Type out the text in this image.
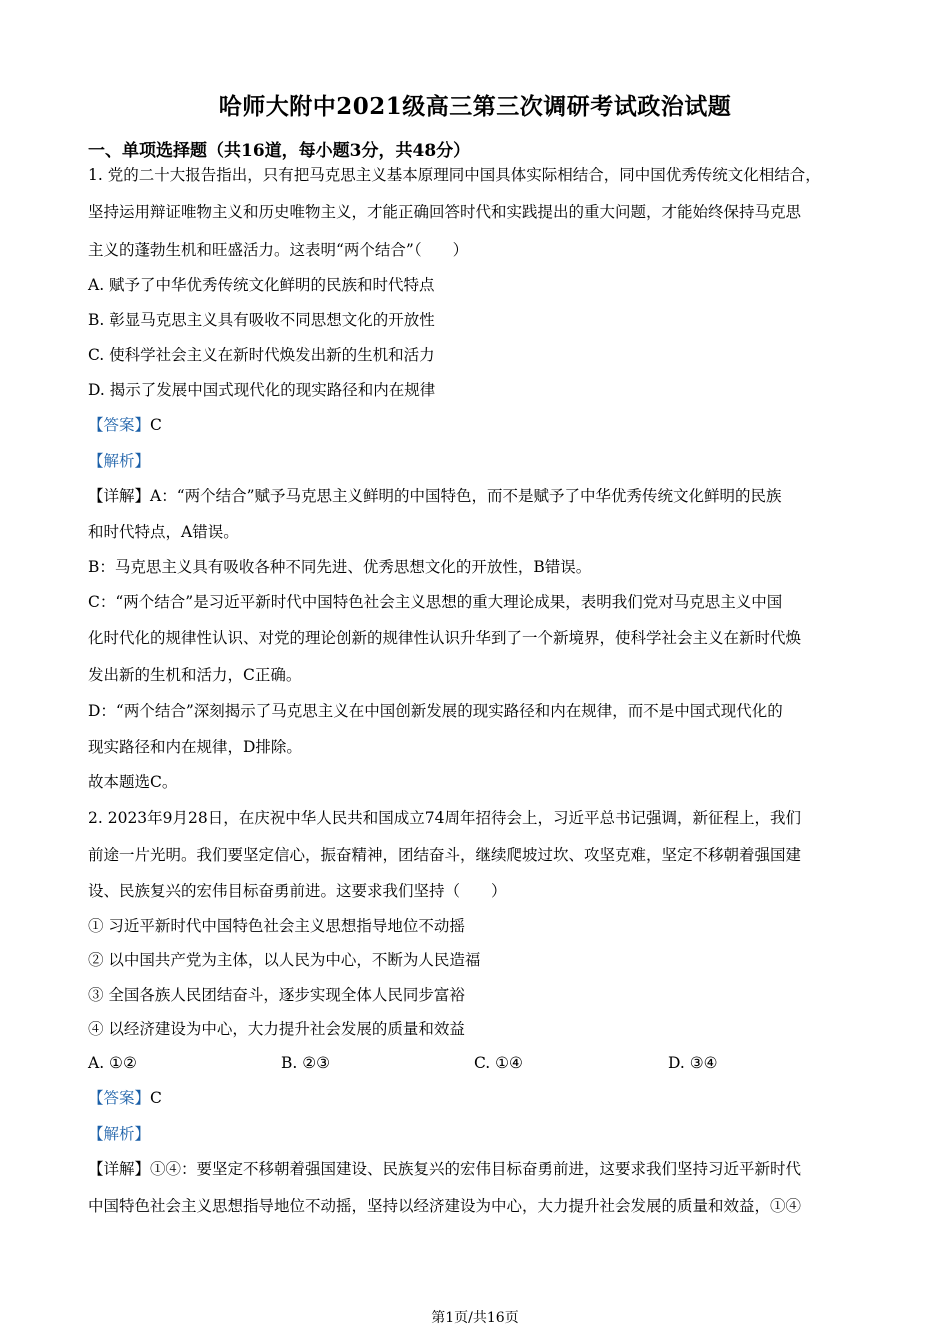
哈师大附中2021级高三第三次调研考试政治试题
一、单项选择题（共16道，每小题3分，共48分）
1. 党的二十大报告指出，只有把马克思主义基本原理同中国具体实际相结合，同中国优秀传统文化相结合，
坚持运用辩证唯物主义和历史唯物主义，才能正确回答时代和实践提出的重大问题，才能始终保持马克思
主义的蓬勃生机和旺盛活力。这表明“两个结合”（　　）
A. 赋予了中华优秀传统文化鲜明的民族和时代特点
B. 彰显马克思主义具有吸收不同思想文化的开放性
C. 使科学社会主义在新时代焕发出新的生机和活力
D. 揭示了发展中国式现代化的现实路径和内在规律
【答案】C
【解析】
【详解】A：“两个结合”赋予马克思主义鲜明的中国特色，而不是赋予了中华优秀传统文化鲜明的民族
和时代特点，A错误。
B：马克思主义具有吸收各种不同先进、优秀思想文化的开放性，B错误。
C：“两个结合”是习近平新时代中国特色社会主义思想的重大理论成果，表明我们党对马克思主义中国
化时代化的规律性认识、对党的理论创新的规律性认识升华到了一个新境界，使科学社会主义在新时代焕
发出新的生机和活力，C正确。
D：“两个结合”深刻揭示了马克思主义在中国创新发展的现实路径和内在规律，而不是中国式现代化的
现实路径和内在规律，D排除。
故本题选C。
2. 2023年9月28日，在庆祝中华人民共和国成立74周年招待会上，习近平总书记强调，新征程上，我们
前途一片光明。我们要坚定信心，振奋精神，团结奋斗，继续爬坡过坎、攻坚克难，坚定不移朝着强国建
设、民族复兴的宏伟目标奋勇前进。这要求我们坚持（　　）
① 习近平新时代中国特色社会主义思想指导地位不动摇
② 以中国共产党为主体，以人民为中心，不断为人民造福
③ 全国各族人民团结奋斗，逐步实现全体人民同步富裕
④ 以经济建设为中心，大力提升社会发展的质量和效益
A. ①②	B. ②③	C. ①④	D. ③④
【答案】C
【解析】
【详解】①④：要坚定不移朝着强国建设、民族复兴的宏伟目标奋勇前进，这要求我们坚持习近平新时代
中国特色社会主义思想指导地位不动摇，坚持以经济建设为中心，大力提升社会发展的质量和效益，①④
第1页/共16页
